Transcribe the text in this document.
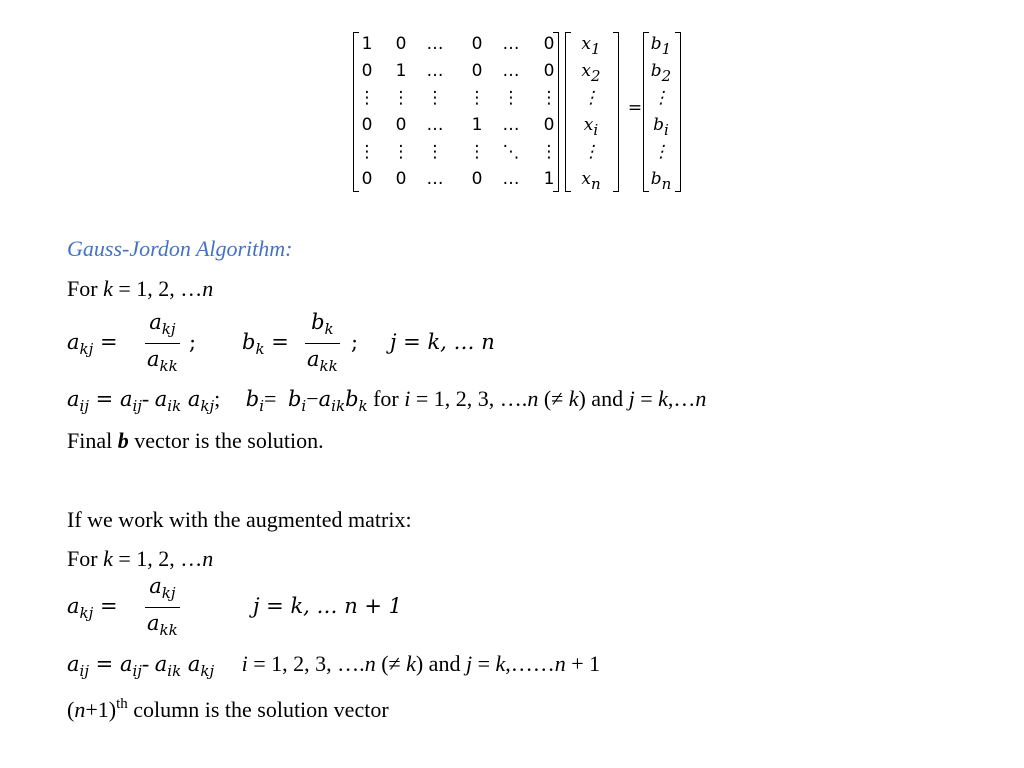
1	0	…	0	…	0
0	1	…	0	…	0
⋮ ⋮ ⋮ ⋮ ⋮ ⋮
0	0	…	1	…	0
⋮ ⋮ ⋮ ⋮ ⋱ ⋮
0	0	…	0	…	1
x1
x2
⋮
xi
⋮
xn
=
b1
b2
⋮
bi
⋮
bn
Gauss-Jordon Algorithm:
For k = 1, 2, …n
$a_{kj}$ =
$a_{kj}$
$a_{kk}$
; $b_k$ =
$b_k$
$a_{kk}$
; j = k, … n
$a_{ij} = a_{ij}-$ $a_{ik}$ $a_{kj}$; $b_i= b_i-a_{ik}b_k$ for i = 1, 2, 3, ….n (≠ k) and j = k,…n
Final b vector is the solution.
If we work with the augmented matrix:
For k = 1, 2, …n
$a_{kj}$ =
$a_{kj}$
$a_{kk}$
j = k, … n + 1
$a_{ij} = a_{ij}-$ $a_{ik}$ $a_{kj}$ i = 1, 2, 3, ….n (≠ k) and j = k,……n + 1
$(n+1)^{th}$ column is the solution vector
